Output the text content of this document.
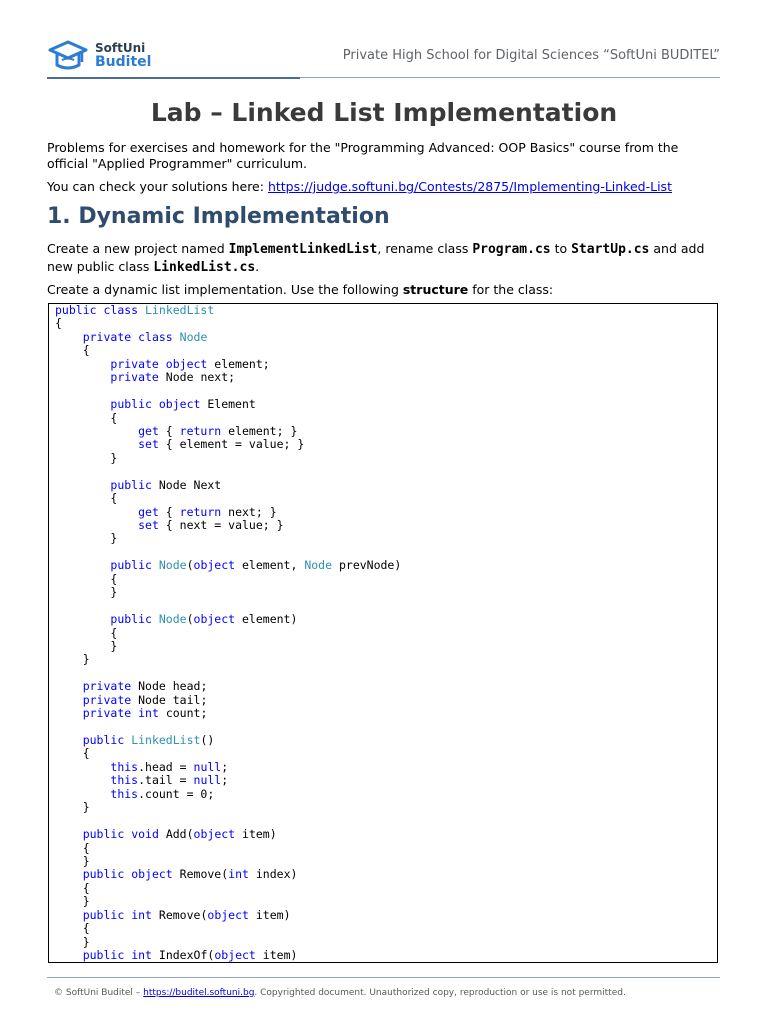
SoftUni
Buditel	Private High School for Digital Sciences “SoftUni BUDITEL”
Lab – Linked List Implementation

Problems for exercises and homework for the "Programming Advanced: OOP Basics" course from the official "Applied Programmer" curriculum.

You can check your solutions here: https://judge.softuni.bg/Contests/2875/Implementing-Linked-List

1. Dynamic Implementation

Create a new project named ImplementLinkedList, rename class Program.cs to StartUp.cs and add new public class LinkedList.cs.

Create a dynamic list implementation. Use the following structure for the class:

public class LinkedList
{
private class Node
{
private object element;
private Node next;

public object Element
{
get { return element; }
set { element = value; }
}

public Node Next
{
get { return next; }
set { next = value; }
}

public Node(object element, Node prevNode)
{
}

public Node(object element)
{
}
}

private Node head;
private Node tail;
private int count;

public LinkedList()
{
this.head = null;
this.tail = null;
this.count = 0;
}

public void Add(object item)
{
}
public object Remove(int index)
{
}
public int Remove(object item)
{
}
public int IndexOf(object item)
© SoftUni Buditel – https://buditel.softuni.bg. Copyrighted document. Unauthorized copy, reproduction or use is not permitted.
